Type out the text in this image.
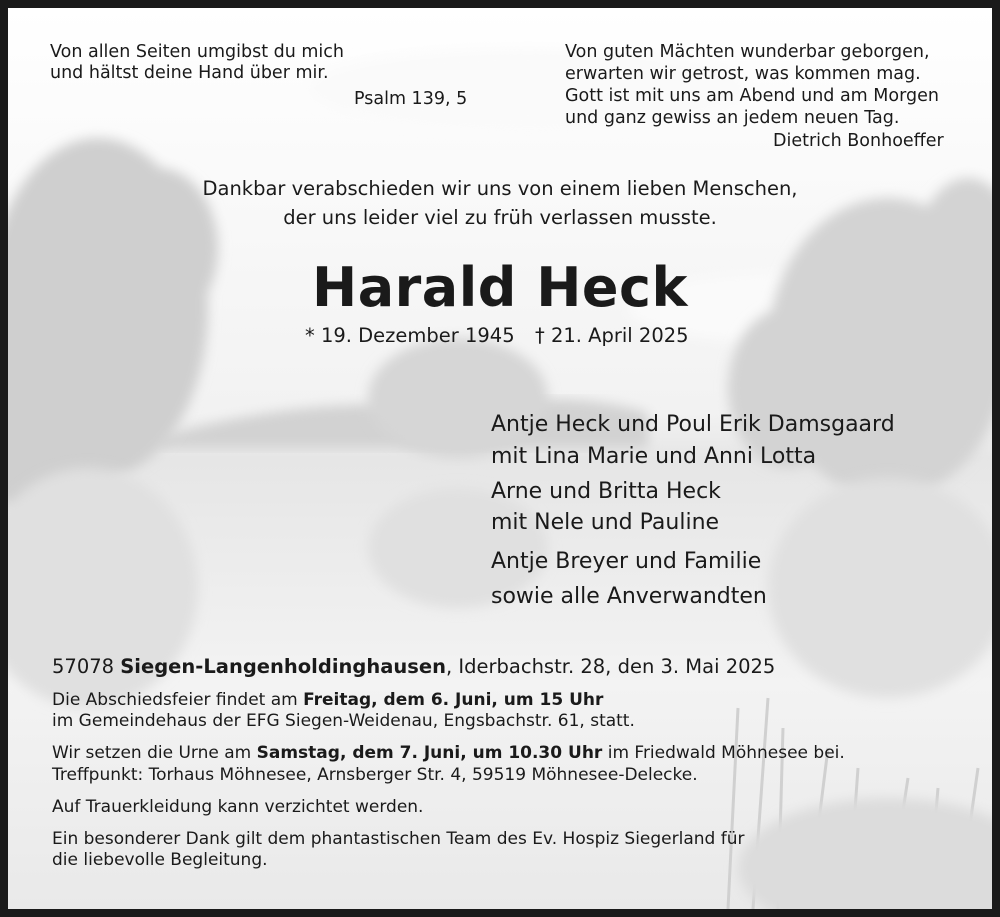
Von allen Seiten umgibst du mich
und hältst deine Hand über mir.
Psalm 139, 5
Von guten Mächten wunderbar geborgen,
erwarten wir getrost, was kommen mag.
Gott ist mit uns am Abend und am Morgen
und ganz gewiss an jedem neuen Tag.
Dietrich Bonhoeffer
Dankbar verabschieden wir uns von einem lieben Menschen,
der uns leider viel zu früh verlassen musste.
Harald Heck
* 19. Dezember 1945 † 21. April 2025
Antje Heck und Poul Erik Damsgaard
mit Lina Marie und Anni Lotta
Arne und Britta Heck
mit Nele und Pauline
Antje Breyer und Familie
sowie alle Anverwandten
57078 Siegen-Langenholdinghausen, Iderbachstr. 28, den 3. Mai 2025
Die Abschiedsfeier findet am Freitag, dem 6. Juni, um 15 Uhr
im Gemeindehaus der EFG Siegen-Weidenau, Engsbachstr. 61, statt.
Wir setzen die Urne am Samstag, dem 7. Juni, um 10.30 Uhr im Friedwald Möhnesee bei.
Treffpunkt: Torhaus Möhnesee, Arnsberger Str. 4, 59519 Möhnesee-Delecke.
Auf Trauerkleidung kann verzichtet werden.
Ein besonderer Dank gilt dem phantastischen Team des Ev. Hospiz Siegerland für
die liebevolle Begleitung.
